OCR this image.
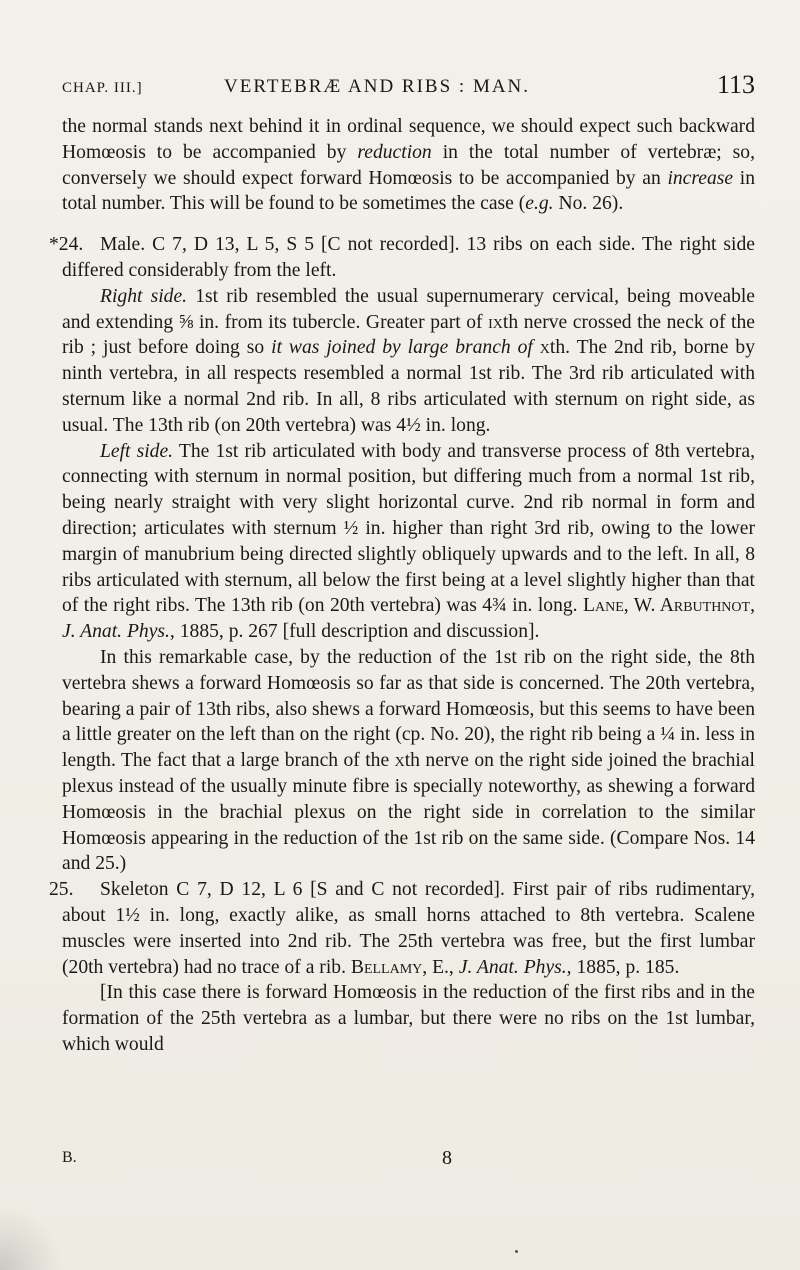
CHAP. III.]	VERTEBRÆ AND RIBS : MAN.	113

the normal stands next behind it in ordinal sequence, we should expect such backward Homœosis to be accompanied by reduction in the total number of vertebræ; so, conversely we should expect forward Homœosis to be accompanied by an increase in total number. This will be found to be sometimes the case (e.g. No. 26).

*24. Male. C 7, D 13, L 5, S 5 [C not recorded]. 13 ribs on each side. The right side differed considerably from the left.

Right side. 1st rib resembled the usual supernumerary cervical, being moveable and extending ⅝ in. from its tubercle. Greater part of ixth nerve crossed the neck of the rib ; just before doing so it was joined by large branch of xth. The 2nd rib, borne by ninth vertebra, in all respects resembled a normal 1st rib. The 3rd rib articulated with sternum like a normal 2nd rib. In all, 8 ribs articulated with sternum on right side, as usual. The 13th rib (on 20th vertebra) was 4½ in. long.

Left side. The 1st rib articulated with body and transverse process of 8th vertebra, connecting with sternum in normal position, but differing much from a normal 1st rib, being nearly straight with very slight horizontal curve. 2nd rib normal in form and direction; articulates with sternum ½ in. higher than right 3rd rib, owing to the lower margin of manubrium being directed slightly obliquely upwards and to the left. In all, 8 ribs articulated with sternum, all below the first being at a level slightly higher than that of the right ribs. The 13th rib (on 20th vertebra) was 4¾ in. long. Lane, W. Arbuthnot, J. Anat. Phys., 1885, p. 267 [full description and discussion].

In this remarkable case, by the reduction of the 1st rib on the right side, the 8th vertebra shews a forward Homœosis so far as that side is concerned. The 20th vertebra, bearing a pair of 13th ribs, also shews a forward Homœosis, but this seems to have been a little greater on the left than on the right (cp. No. 20), the right rib being a ¼ in. less in length. The fact that a large branch of the xth nerve on the right side joined the brachial plexus instead of the usually minute fibre is specially noteworthy, as shewing a forward Homœosis in the brachial plexus on the right side in correlation to the similar Homœosis appearing in the reduction of the 1st rib on the same side. (Compare Nos. 14 and 25.)

25. Skeleton C 7, D 12, L 6 [S and C not recorded]. First pair of ribs rudimentary, about 1½ in. long, exactly alike, as small horns attached to 8th vertebra. Scalene muscles were inserted into 2nd rib. The 25th vertebra was free, but the first lumbar (20th vertebra) had no trace of a rib. Bellamy, E., J. Anat. Phys., 1885, p. 185.

[In this case there is forward Homœosis in the reduction of the first ribs and in the formation of the 25th vertebra as a lumbar, but there were no ribs on the 1st lumbar, which would

B.	8
